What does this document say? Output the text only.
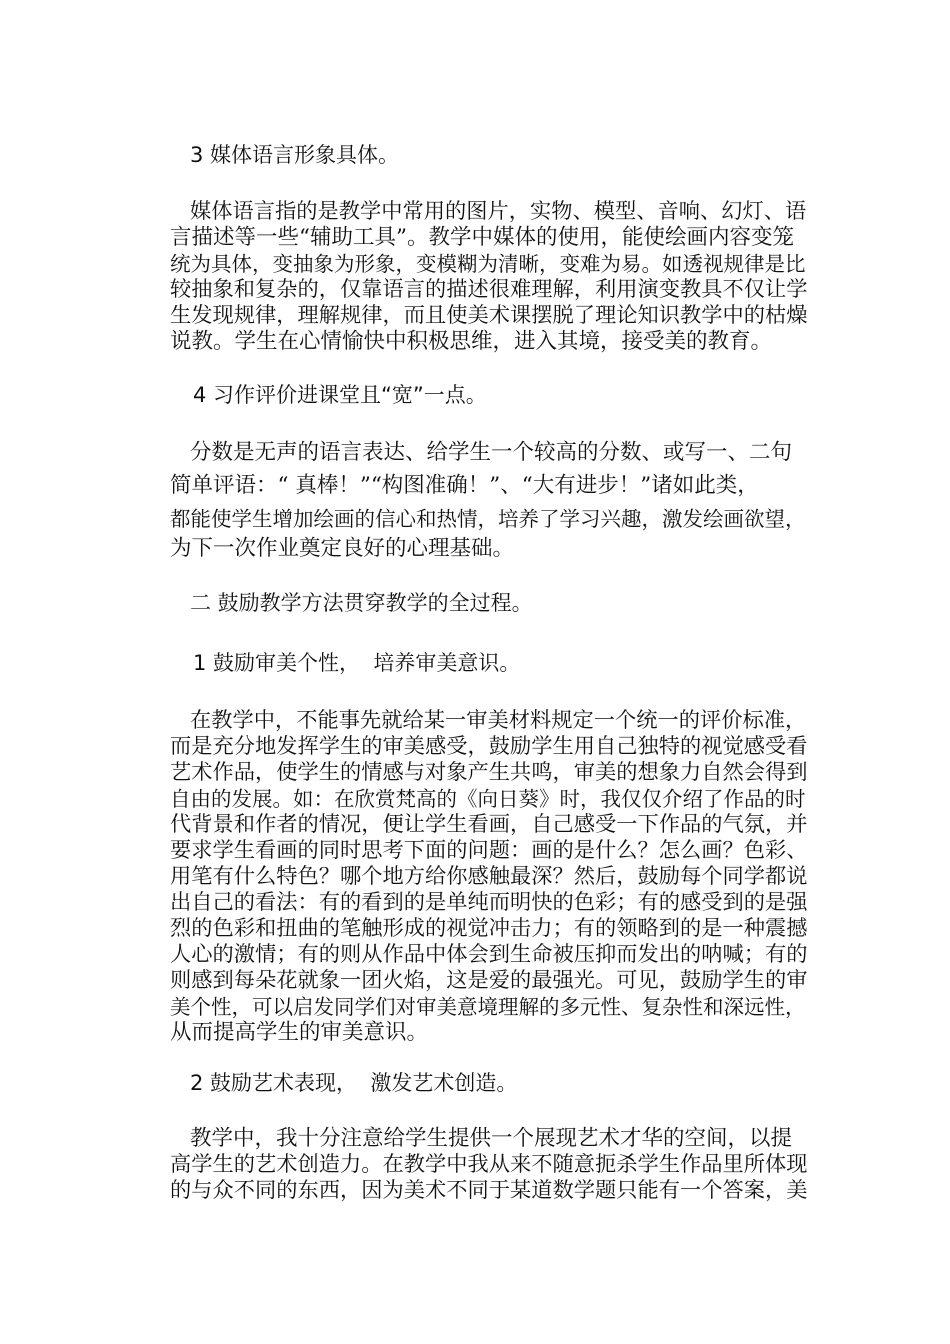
3 媒体语言形象具体。
媒体语言指的是教学中常用的图片，实物、模型、音响、幻灯、语
言描述等一些“辅助工具”。教学中媒体的使用，能使绘画内容变笼
统为具体，变抽象为形象，变模糊为清晰，变难为易。如透视规律是比
较抽象和复杂的，仅靠语言的描述很难理解，利用演变教具不仅让学
生发现规律，理解规律，而且使美术课摆脱了理论知识教学中的枯燥
说教。学生在心情愉快中积极思维，进入其境，接受美的教育。
4 习作评价进课堂且“宽”一点。
分数是无声的语言表达、给学生一个较高的分数、或写一、二句
简单评语：“ 真棒！”“构图准确！”、“大有进步！”诸如此类，
都能使学生增加绘画的信心和热情，培养了学习兴趣，激发绘画欲望，
为下一次作业奠定良好的心理基础。
二 鼓励教学方法贯穿教学的全过程。
1 鼓励审美个性，  培养审美意识。
在教学中，不能事先就给某一审美材料规定一个统一的评价标准，
而是充分地发挥学生的审美感受，鼓励学生用自己独特的视觉感受看
艺术作品，使学生的情感与对象产生共鸣，审美的想象力自然会得到
自由的发展。如：在欣赏梵高的《向日葵》时，我仅仅介绍了作品的时
代背景和作者的情况，便让学生看画，自己感受一下作品的气氛，并
要求学生看画的同时思考下面的问题：画的是什么？怎么画？色彩、
用笔有什么特色？哪个地方给你感触最深？然后，鼓励每个同学都说
出自己的看法：有的看到的是单纯而明快的色彩；有的感受到的是强
烈的色彩和扭曲的笔触形成的视觉冲击力；有的领略到的是一种震撼
人心的激情；有的则从作品中体会到生命被压抑而发出的呐喊；有的
则感到每朵花就象一团火焰，这是爱的最强光。可见，鼓励学生的审
美个性，可以启发同学们对审美意境理解的多元性、复杂性和深远性，
从而提高学生的审美意识。
2 鼓励艺术表现，  激发艺术创造。
教学中，我十分注意给学生提供一个展现艺术才华的空间，以提
高学生的艺术创造力。在教学中我从来不随意扼杀学生作品里所体现
的与众不同的东西，因为美术不同于某道数学题只能有一个答案，美
